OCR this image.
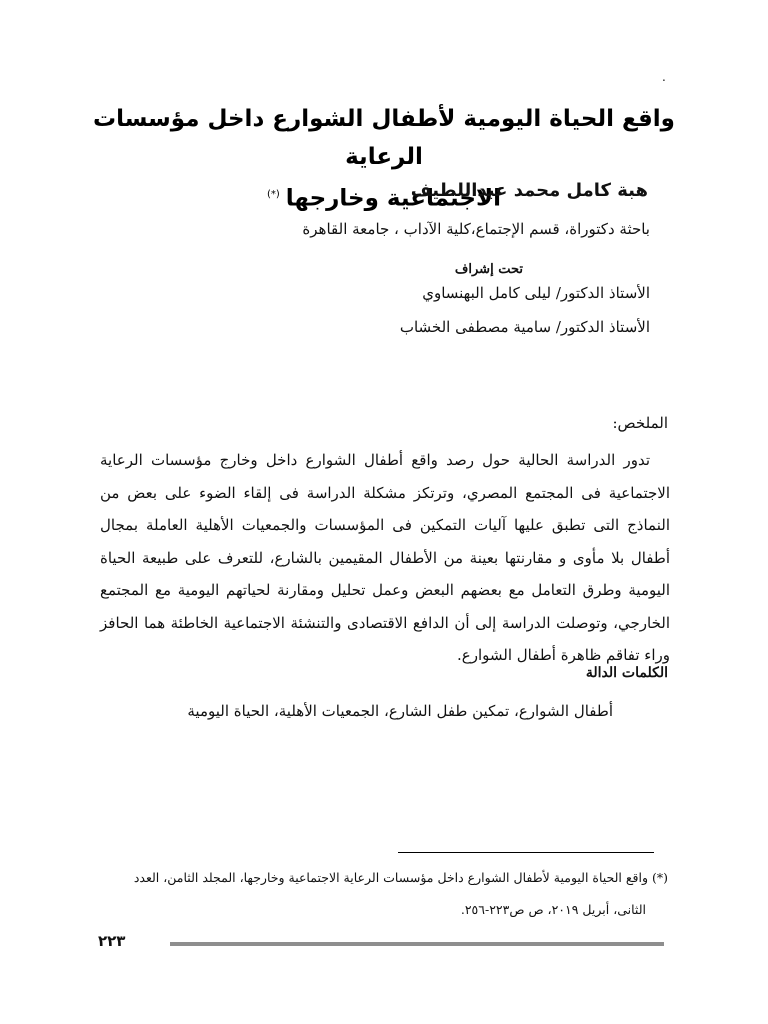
.
واقع الحياة اليومية لأطفال الشوارع داخل مؤسسات الرعاية
الاجتماعية وخارجها(*)	هبة كامل محمد عبداللطيف
باحثة دكتوراة، قسم الإجتماع،كلية الآداب ، جامعة القاهرة
تحت إشراف
الأستاذ الدكتور/ ليلى كامل البهنساوي
الأستاذ الدكتور/ سامية مصطفى الخشاب
الملخص:
تدور الدراسة الحالية حول رصد واقع أطفال الشوارع داخل وخارج مؤسسات الرعاية الاجتماعية فى المجتمع المصري، وترتكز مشكلة الدراسة فى إلقاء الضوء على بعض من النماذج التى تطبق عليها آليات التمكين فى المؤسسات والجمعيات الأهلية العاملة بمجال أطفال بلا مأوى و مقارنتها بعينة من الأطفال المقيمين بالشارع، للتعرف على طبيعة الحياة اليومية وطرق التعامل مع بعضهم البعض وعمل تحليل ومقارنة لحياتهم اليومية مع المجتمع الخارجي، وتوصلت الدراسة إلى أن الدافع الاقتصادى والتنشئة الاجتماعية الخاطئة هما الحافز وراء تفاقم ظاهرة أطفال الشوارع.
الكلمات الدالة
أطفال الشوارع، تمكين طفل الشارع، الجمعيات الأهلية، الحياة اليومية
(*) واقع الحياة اليومية لأطفال الشوارع داخل مؤسسات الرعاية الاجتماعية وخارجها، المجلد الثامن، العدد
الثانى، أبريل ٢٠١٩، ص ص٢٢٣-٢٥٦.
٢٢٣
